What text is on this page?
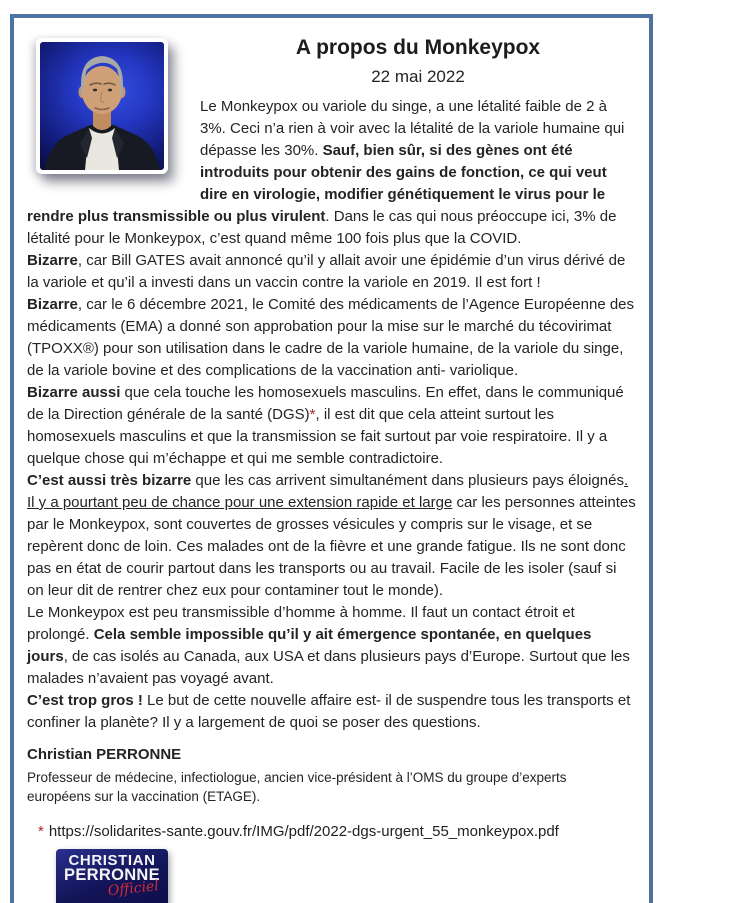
A propos du Monkeypox
22 mai 2022

Le Monkeypox ou variole du singe, a une létalité faible de 2 à 3%. Ceci n’a rien à voir avec la létalité de la variole humaine qui dépasse les 30%. Sauf, bien sûr, si des gènes ont été introduits pour obtenir des gains de fonction, ce qui veut dire en virologie, modifier génétiquement le virus pour le rendre plus transmissible ou plus virulent. Dans le cas qui nous préoccupe ici, 3% de létalité pour le Monkeypox, c’est quand même 100 fois plus que la COVID.

Bizarre, car Bill GATES avait annoncé qu’il y allait avoir une épidémie d’un virus dérivé de la variole et qu’il a investi dans un vaccin contre la variole en 2019. Il est fort !

Bizarre, car le 6 décembre 2021, le Comité des médicaments de l’Agence Européenne des médicaments (EMA) a donné son approbation pour la mise sur le marché du técovirimat (TPOXX®) pour son utilisation dans le cadre de la variole humaine, de la variole du singe, de la variole bovine et des complications de la vaccination anti- variolique.

Bizarre aussi que cela touche les homosexuels masculins. En effet, dans le communiqué de la Direction générale de la santé (DGS)*, il est dit que cela atteint surtout les homosexuels masculins et que la transmission se fait surtout par voie respiratoire. Il y a quelque chose qui m’échappe et qui me semble contradictoire.

C’est aussi très bizarre que les cas arrivent simultanément dans plusieurs pays éloignés. Il y a pourtant peu de chance pour une extension rapide et large car les personnes atteintes par le Monkeypox, sont couvertes de grosses vésicules y compris sur le visage, et se repèrent donc de loin. Ces malades ont de la fièvre et une grande fatigue. Ils ne sont donc pas en état de courir partout dans les transports ou au travail. Facile de les isoler (sauf si on leur dit de rentrer chez eux pour contaminer tout le monde).

Le Monkeypox est peu transmissible d’homme à homme. Il faut un contact étroit et prolongé. Cela semble impossible qu’il y ait émergence spontanée, en quelques jours, de cas isolés au Canada, aux USA et dans plusieurs pays d’Europe. Surtout que les malades n’avaient pas voyagé avant.

C’est trop gros ! Le but de cette nouvelle affaire est- il de suspendre tous les transports et confiner la planète? Il y a largement de quoi se poser des questions.

Christian PERRONNE
Professeur de médecine, infectiologue, ancien vice-président à l’OMS du groupe d’experts européens sur la vaccination (ETAGE).
* https://solidarites-sante.gouv.fr/IMG/pdf/2022-dgs-urgent_55_monkeypox.pdf
CHRISTIAN
PERRONNE
Officiel
